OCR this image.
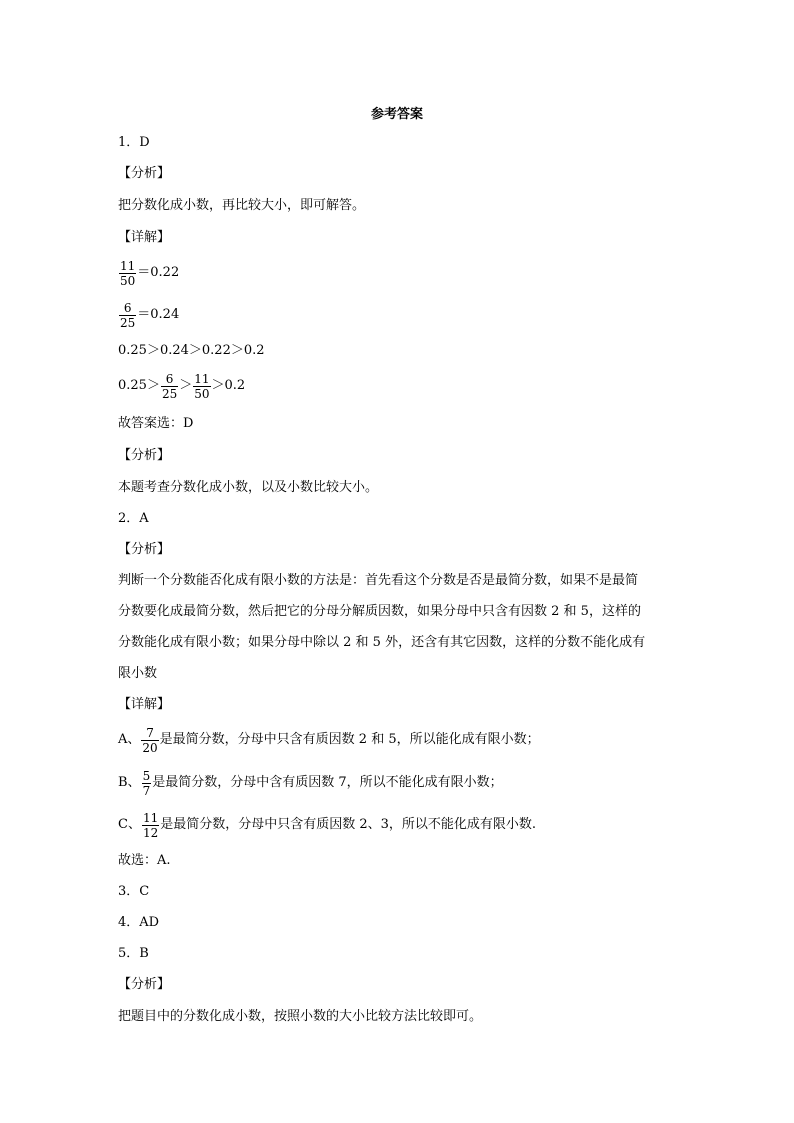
参考答案
1．D
【分析】
把分数化成小数，再比较大小，即可解答。
【详解】
$\frac{11}{50} =0.22$
$\frac{6}{25} =0.24$
0.25＞0.24＞0.22＞0.2
$0.25> \frac{6}{25} > \frac{11}{50} >0.2$
故答案选：D
【分析】
本题考查分数化成小数，以及小数比较大小。
2．A
【分析】
判断一个分数能否化成有限小数的方法是：首先看这个分数是否是最简分数，如果不是最简
分数要化成最简分数，然后把它的分母分解质因数，如果分母中只含有因数 2 和 5，这样的
分数能化成有限小数；如果分母中除以 2 和 5 外，还含有其它因数，这样的分数不能化成有
限小数
【详解】
A、 $\frac{7}{20}$ 是最简分数，分母中只含有质因数 2 和 5，所以能化成有限小数；
B、 $\frac{5}{7}$ 是最简分数，分母中含有质因数 7，所以不能化成有限小数；
C、 $\frac{11}{12}$ 是最简分数，分母中只含有质因数 2、3，所以不能化成有限小数.
故选：A.
3．C
4．AD
5．B
【分析】
把题目中的分数化成小数，按照小数的大小比较方法比较即可。
